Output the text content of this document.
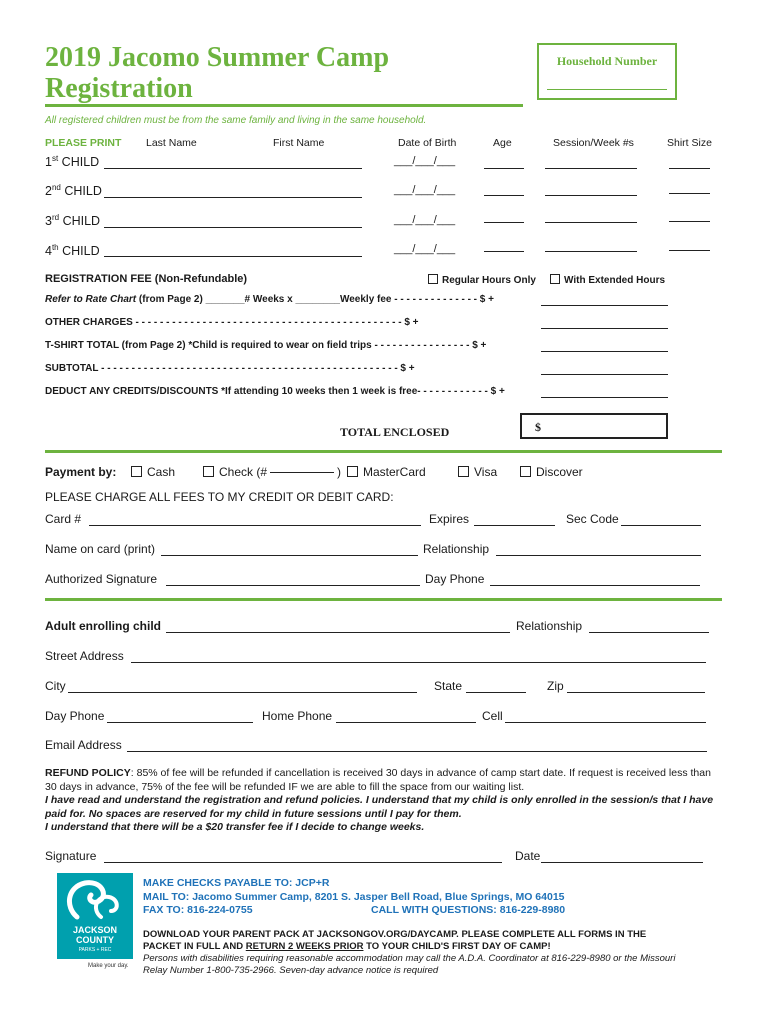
2019 Jacomo Summer Camp
Registration
Household Number
All registered children must be from the same family and living in the same household.
PLEASE PRINT Last Name	First Name	Date of Birth	Age	Session/Week #s	Shirt Size
1st CHILD	___/___/___
2nd CHILD	___/___/___
3rd CHILD	___/___/___
4th CHILD	___/___/___
REGISTRATION FEE (Non-Refundable)	Regular Hours Only	With Extended Hours
Refer to Rate Chart (from Page 2) _______# Weeks x ________Weekly fee - - - - - - - - - - - - - - $ +
OTHER CHARGES - - - - - - - - - - - - - - - - - - - - - - - - - - - - - - - - - - - - - - - - - - - - $ +
T-SHIRT TOTAL (from Page 2) *Child is required to wear on field trips - - - - - - - - - - - - - - - - $ +
SUBTOTAL - - - - - - - - - - - - - - - - - - - - - - - - - - - - - - - - - - - - - - - - - - - - - - - - - $ +
DEDUCT ANY CREDITS/DISCOUNTS *If attending 10 weeks then 1 week is free- - - - - - - - - - - - $ +
TOTAL ENCLOSED	$
Payment by:	Cash	Check (#	)	MasterCard	Visa	Discover
PLEASE CHARGE ALL FEES TO MY CREDIT OR DEBIT CARD:
Card #	Expires	Sec Code
Name on card (print)	Relationship
Authorized Signature	Day Phone
Adult enrolling child	Relationship
Street Address
City	State	Zip
Day Phone	Home Phone	Cell
Email Address
REFUND POLICY: 85% of fee will be refunded if cancellation is received 30 days in advance of camp start date. If request is received less than 30 days in advance, 75% of the fee will be refunded IF we are able to fill the space from our waiting list.
I have read and understand the registration and refund policies. I understand that my child is only enrolled in the session/s that I have paid for. No spaces are reserved for my child in future sessions until I pay for them.
I understand that there will be a $20 transfer fee if I decide to change weeks.
Signature	Date
JACKSON
COUNTY
PARKS + REC
Make your day.
MAKE CHECKS PAYABLE TO: JCP+R
MAIL TO: Jacomo Summer Camp, 8201 S. Jasper Bell Road, Blue Springs, MO 64015
FAX TO: 816-224-0755	CALL WITH QUESTIONS: 816-229-8980
DOWNLOAD YOUR PARENT PACK AT JACKSONGOV.ORG/DAYCAMP. PLEASE COMPLETE ALL FORMS IN THE
PACKET IN FULL AND RETURN 2 WEEKS PRIOR TO YOUR CHILD'S FIRST DAY OF CAMP!
Persons with disabilities requiring reasonable accommodation may call the A.D.A. Coordinator at 816-229-8980 or the Missouri
Relay Number 1-800-735-2966. Seven-day advance notice is required
